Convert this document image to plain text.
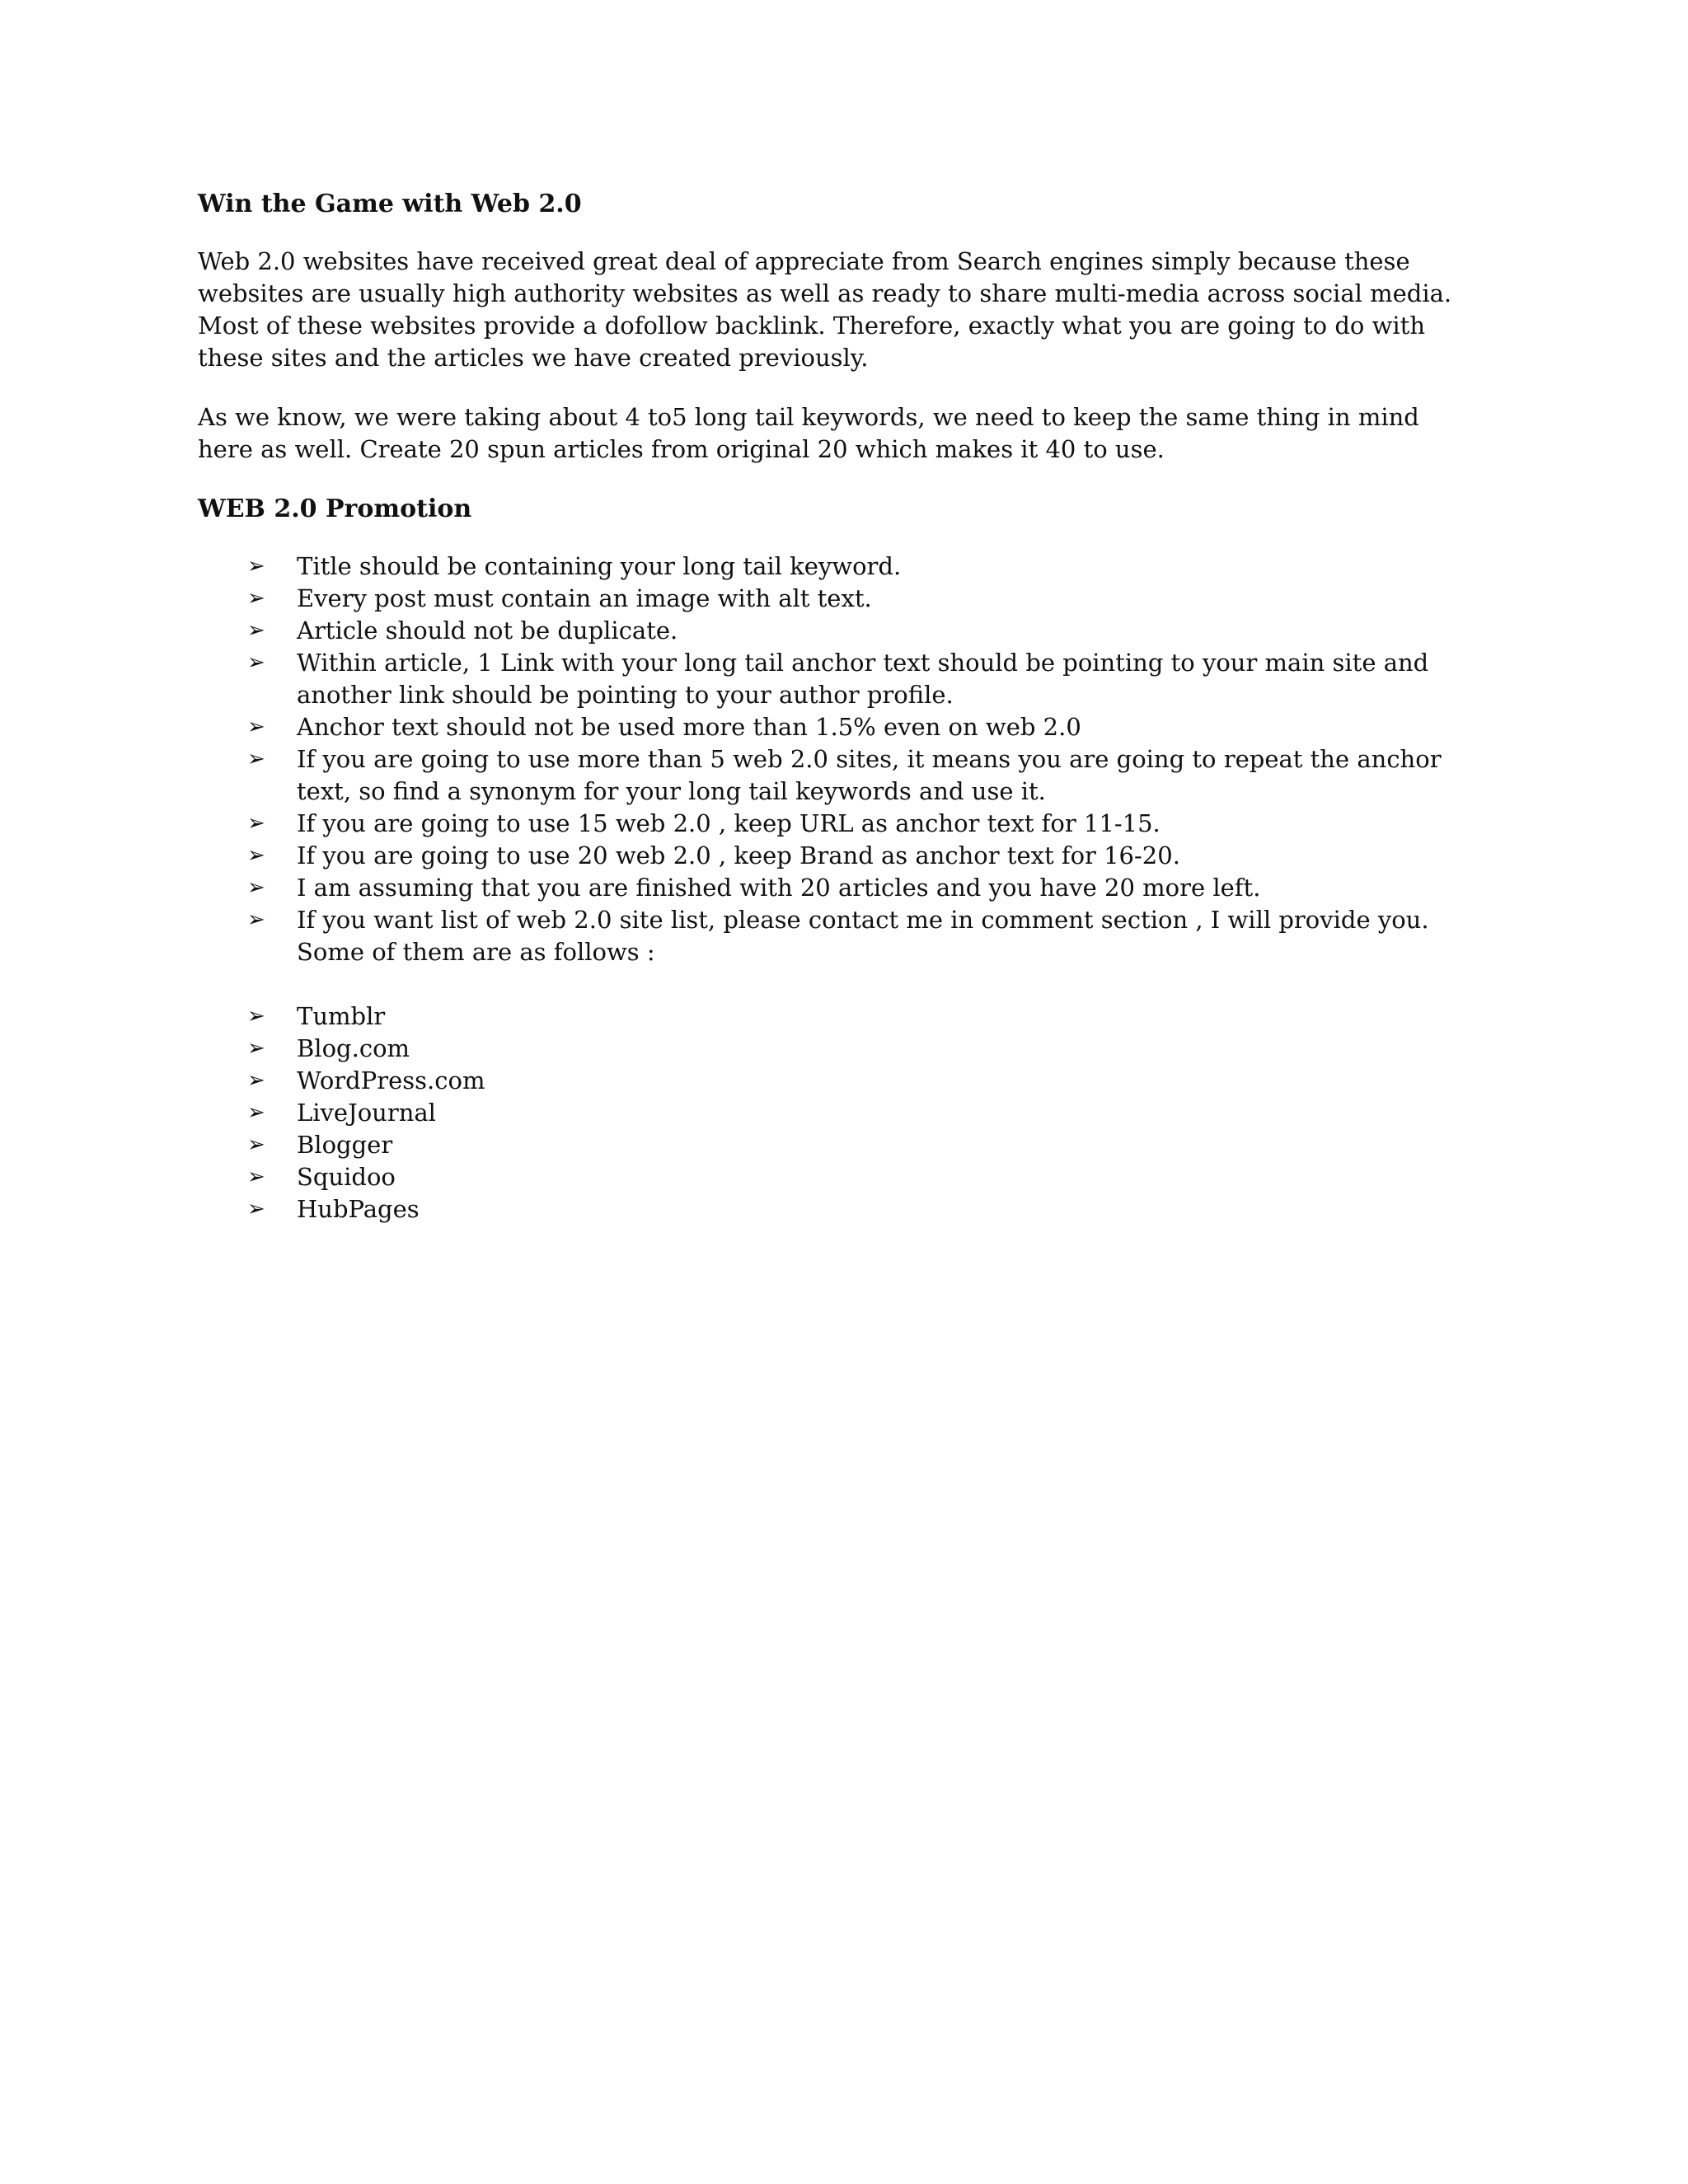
Win the Game with Web 2.0

Web 2.0 websites have received great deal of appreciate from Search engines simply because these websites are usually high authority websites as well as ready to share multi-media across social media. Most of these websites provide a dofollow backlink. Therefore, exactly what you are going to do with these sites and the articles we have created previously.

As we know, we were taking about 4 to5 long tail keywords, we need to keep the same thing in mind here as well. Create 20 spun articles from original 20 which makes it 40 to use.

WEB 2.0 Promotion
➢ Title should be containing your long tail keyword.
➢ Every post must contain an image with alt text.
➢ Article should not be duplicate.
➢ Within article, 1 Link with your long tail anchor text should be pointing to your main site and another link should be pointing to your author profile.
➢ Anchor text should not be used more than 1.5% even on web 2.0
➢ If you are going to use more than 5 web 2.0 sites, it means you are going to repeat the anchor text, so find a synonym for your long tail keywords and use it.
➢ If you are going to use 15 web 2.0 , keep URL as anchor text for 11-15.
➢ If you are going to use 20 web 2.0 , keep Brand as anchor text for 16-20.
➢ I am assuming that you are finished with 20 articles and you have 20 more left.
➢ If you want list of web 2.0 site list, please contact me in comment section , I will provide you. Some of them are as follows :
➢ Tumblr
➢ Blog.com
➢ WordPress.com
➢ LiveJournal
➢ Blogger
➢ Squidoo
➢ HubPages
